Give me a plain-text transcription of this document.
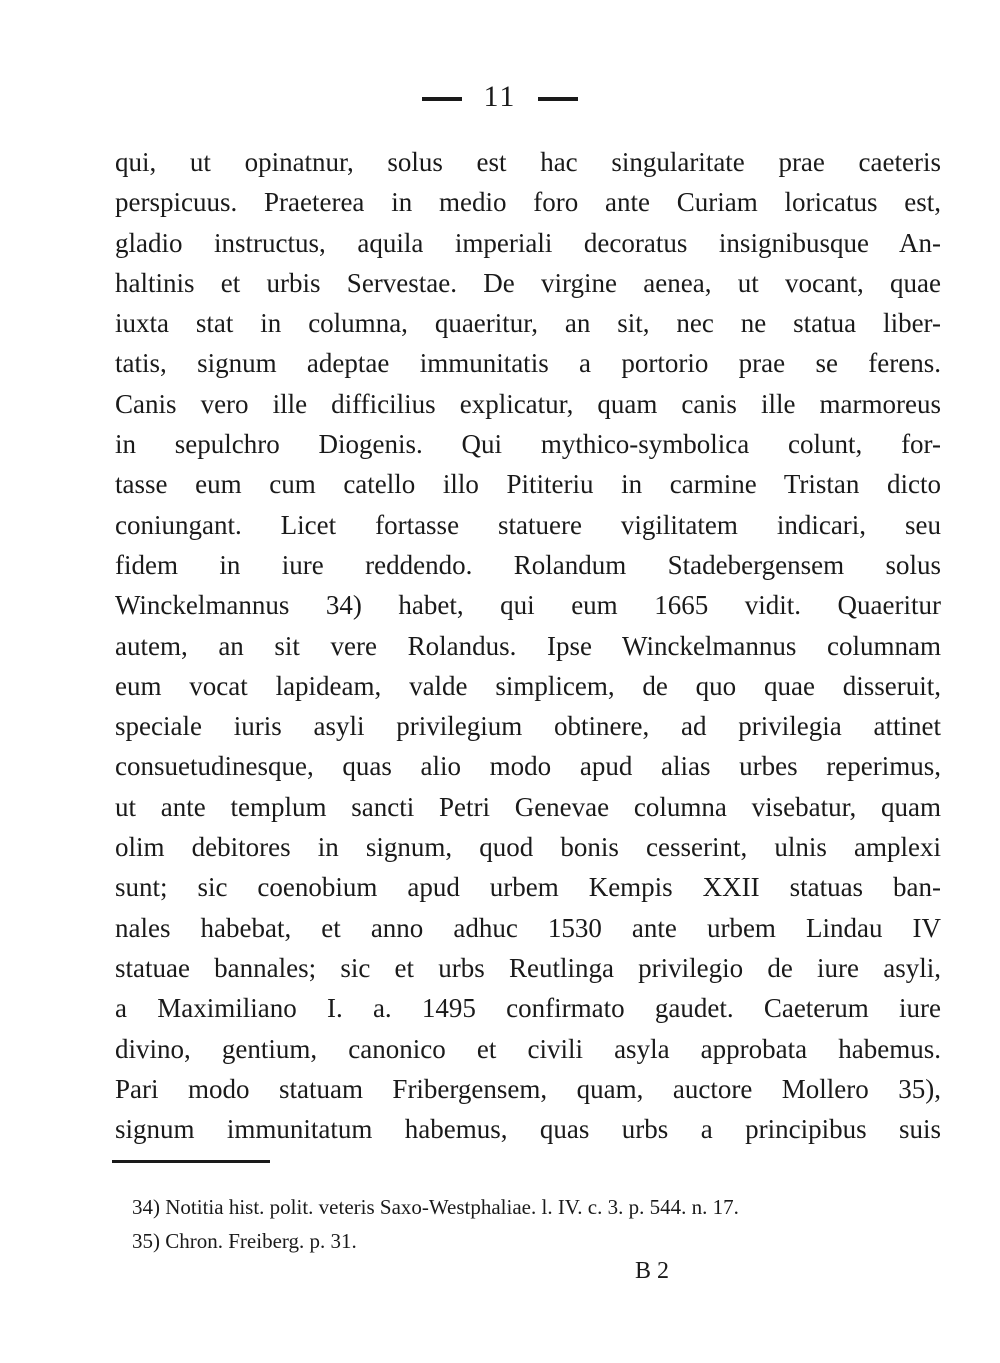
11
qui, ut opinatnur, solus est hac singularitate prae caeteris
perspicuus. Praeterea in medio foro ante Curiam loricatus est,
gladio instructus, aquila imperiali decoratus insignibusque An-
haltinis et urbis Servestae. De virgine aenea, ut vocant, quae
iuxta stat in columna, quaeritur, an sit, nec ne statua liber-
tatis, signum adeptae immunitatis a portorio prae se ferens.
Canis vero ille difficilius explicatur, quam canis ille marmoreus
in sepulchro Diogenis. Qui mythico-symbolica colunt, for-
tasse eum cum catello illo Pititeriu in carmine Tristan dicto
coniungant. Licet fortasse statuere vigilitatem indicari, seu
fidem in iure reddendo. Rolandum Stadebergensem solus
Winckelmannus 34) habet, qui eum 1665 vidit. Quaeritur
autem, an sit vere Rolandus. Ipse Winckelmannus columnam
eum vocat lapideam, valde simplicem, de quo quae disseruit,
speciale iuris asyli privilegium obtinere, ad privilegia attinet
consuetudinesque, quas alio modo apud alias urbes reperimus,
ut ante templum sancti Petri Genevae columna visebatur, quam
olim debitores in signum, quod bonis cesserint, ulnis amplexi
sunt; sic coenobium apud urbem Kempis XXII statuas ban-
nales habebat, et anno adhuc 1530 ante urbem Lindau IV
statuae bannales; sic et urbs Reutlinga privilegio de iure asyli,
a Maximiliano I. a. 1495 confirmato gaudet. Caeterum iure
divino, gentium, canonico et civili asyla approbata habemus.
Pari modo statuam Fribergensem, quam, auctore Mollero 35),
signum immunitatum habemus, quas urbs a principibus suis
34) Notitia hist. polit. veteris Saxo-Westphaliae. l. IV. c. 3. p. 544. n. 17.
35) Chron. Freiberg. p. 31.
B 2
